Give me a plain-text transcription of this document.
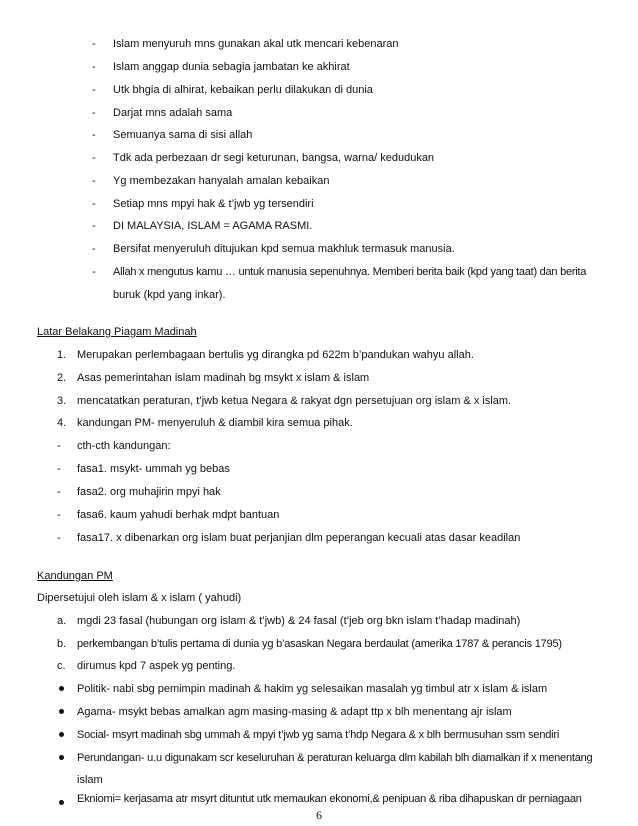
- Islam menyuruh mns gunakan akal utk mencari kebenaran
- Islam anggap dunia sebagia jambatan ke akhirat
- Utk bhgia di alhirat, kebaikan perlu dilakukan di dunia
- Darjat mns adalah sama
- Semuanya sama di sisi allah
- Tdk ada perbezaan dr segi keturunan, bangsa, warna/ kedudukan
- Yg membezakan hanyalah amalan kebaikan
- Setiap mns mpyi hak & t’jwb yg tersendiri
- DI MALAYSIA, ISLAM = AGAMA RASMI.
- Bersifat menyeruluh ditujukan kpd semua makhluk termasuk manusia.
- Allah x mengutus kamu … untuk manusia sepenuhnya. Memberi berita baik (kpd yang taat) dan berita
buruk (kpd yang inkar).
Latar Belakang Piagam Madinah
1. Merupakan perlembagaan bertulis yg dirangka pd 622m b’pandukan wahyu allah.
2. Asas pemerintahan islam madinah bg msykt x islam & islam
3. mencatatkan peraturan, t’jwb ketua Negara & rakyat dgn persetujuan org islam & x islam.
4. kandungan PM- menyeruluh & diambil kira semua pihak.
- cth-cth kandungan:
- fasa1. msykt- ummah yg bebas
- fasa2. org muhajirin mpyi hak
- fasa6. kaum yahudi berhak mdpt bantuan
- fasa17. x dibenarkan org islam buat perjanjian dlm peperangan kecuali atas dasar keadilan
Kandungan PM
Dipersetujui oleh islam & x islam ( yahudi)
a. mgdi 23 fasal (hubungan org islam & t’jwb) & 24 fasal (t’jeb org bkn islam t’hadap madinah)
b. perkembangan b’tulis pertama di dunia yg b’asaskan Negara berdaulat (amerika 1787 & perancis 1795)
c. dirumus kpd 7 aspek yg penting.
Politik- nabi sbg pemimpin madinah & hakim yg selesaikan masalah yg timbul atr x islam & islam
Agama- msykt bebas amalkan agm masing-masing & adapt ttp x blh menentang ajr islam
Social- msyrt madinah sbg ummah & mpyi t’jwb yg sama t’hdp Negara & x blh bermusuhan ssm sendiri
Perundangan- u.u digunakam scr keseluruhan & peraturan keluarga dlm kabilah blh diamalkan if x menentang
islam
Ekniomi= kerjasama atr msyrt dituntut utk memaukan ekonomi,& penipuan & riba dihapuskan dr perniagaan
6
